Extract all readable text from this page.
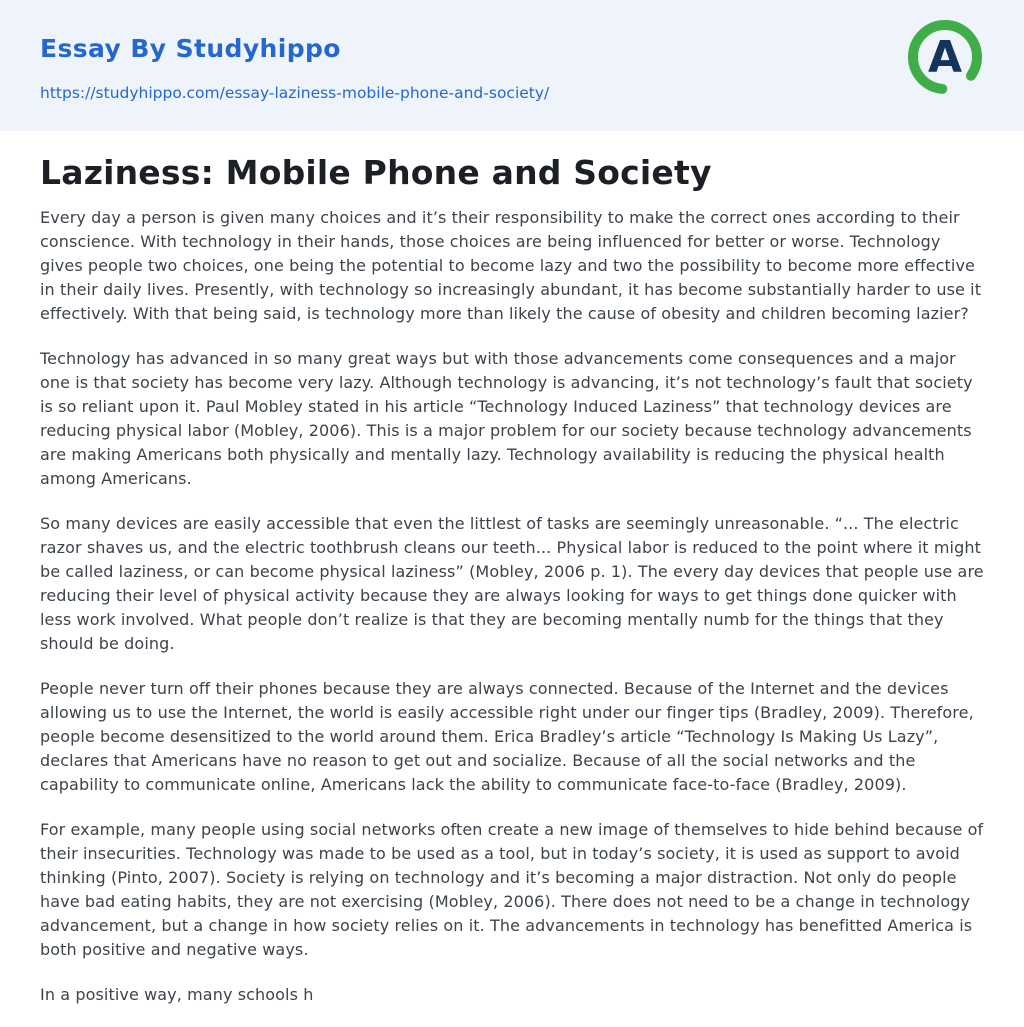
Essay By Studyhippo
https://studyhippo.com/essay-laziness-mobile-phone-and-society/
A
Laziness: Mobile Phone and Society

Every day a person is given many choices and it’s their responsibility to make the correct ones according to their conscience. With technology in their hands, those choices are being influenced for better or worse. Technology gives people two choices, one being the potential to become lazy and two the possibility to become more effective in their daily lives. Presently, with technology so increasingly abundant, it has become substantially harder to use it effectively. With that being said, is technology more than likely the cause of obesity and children becoming lazier?

Technology has advanced in so many great ways but with those advancements come consequences and a major one is that society has become very lazy. Although technology is advancing, it’s not technology’s fault that society is so reliant upon it. Paul Mobley stated in his article “Technology Induced Laziness” that technology devices are reducing physical labor (Mobley, 2006). This is a major problem for our society because technology advancements are making Americans both physically and mentally lazy. Technology availability is reducing the physical health among Americans.

So many devices are easily accessible that even the littlest of tasks are seemingly unreasonable. “... The electric razor shaves us, and the electric toothbrush cleans our teeth... Physical labor is reduced to the point where it might be called laziness, or can become physical laziness” (Mobley, 2006 p. 1). The every day devices that people use are reducing their level of physical activity because they are always looking for ways to get things done quicker with less work involved. What people don’t realize is that they are becoming mentally numb for the things that they should be doing.

People never turn off their phones because they are always connected. Because of the Internet and the devices allowing us to use the Internet, the world is easily accessible right under our finger tips (Bradley, 2009). Therefore, people become desensitized to the world around them. Erica Bradley’s article “Technology Is Making Us Lazy”, declares that Americans have no reason to get out and socialize. Because of all the social networks and the capability to communicate online, Americans lack the ability to communicate face-to-face (Bradley, 2009).

For example, many people using social networks often create a new image of themselves to hide behind because of their insecurities. Technology was made to be used as a tool, but in today’s society, it is used as support to avoid thinking (Pinto, 2007). Society is relying on technology and it’s becoming a major distraction. Not only do people have bad eating habits, they are not exercising (Mobley, 2006). There does not need to be a change in technology advancement, but a change in how society relies on it. The advancements in technology has benefitted America is both positive and negative ways.

In a positive way, many schools h
